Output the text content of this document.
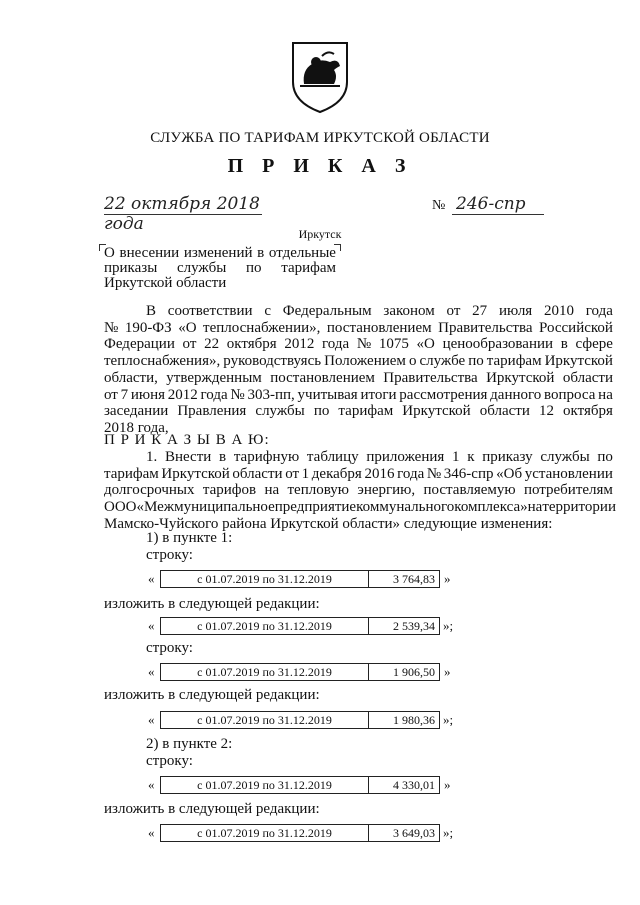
СЛУЖБА ПО ТАРИФАМ ИРКУТСКОЙ ОБЛАСТИ
П Р И К А З
22 октября 2018 года
№ 246-спр
Иркутск
О внесении изменений в отдельные
приказы службы по тарифам
Иркутской области
В соответствии с Федеральным законом от 27 июля 2010 года
№ 190-ФЗ «О теплоснабжении», постановлением Правительства Российской
Федерации от 22 октября 2012 года № 1075 «О ценообразовании в сфере
теплоснабжения», руководствуясь Положением о службе по тарифам Иркутской
области, утвержденным постановлением Правительства Иркутской области
от 7 июня 2012 года № 303-пп, учитывая итоги рассмотрения данного вопроса на
заседании Правления службы по тарифам Иркутской области 12 октября
2018 года,
П Р И К А З Ы В А Ю:
1. Внести в тарифную таблицу приложения 1 к приказу службы по
тарифам Иркутской области от 1 декабря 2016 года № 346-спр «Об установлении
долгосрочных тарифов на тепловую энергию, поставляемую потребителям
ООО «Межмуниципальное предприятие коммунального комплекса» на территории
Мамско-Чуйского района Иркутской области» следующие изменения:
1) в пункте 1:
строку:
«	с 01.07.2019 по 31.12.2019	3 764,83 »
изложить в следующей редакции:
«	с 01.07.2019 по 31.12.2019	2 539,34 »;
строку:
«	с 01.07.2019 по 31.12.2019	1 906,50 »
изложить в следующей редакции:
«	с 01.07.2019 по 31.12.2019	1 980,36 »;
2) в пункте 2:
строку:
«	с 01.07.2019 по 31.12.2019	4 330,01 »
изложить в следующей редакции:
«	с 01.07.2019 по 31.12.2019	3 649,03 »;
